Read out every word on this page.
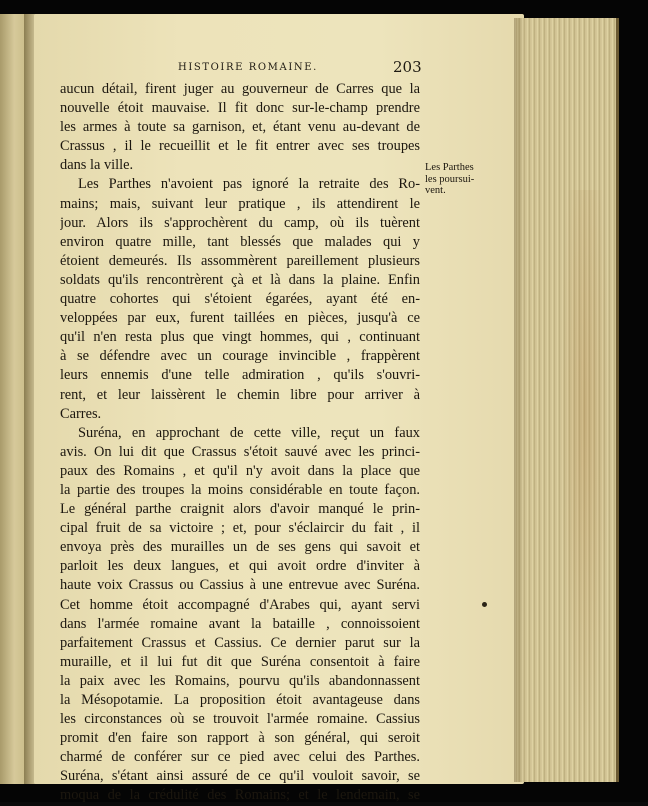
HISTOIRE ROMAINE.	203
Les Parthes
les poursui-
vent.
aucun détail, firent juger au gouverneur de Carres que la
nouvelle étoit mauvaise. Il fit donc sur-le-champ prendre
les armes à toute sa garnison, et, étant venu au-devant de
Crassus , il le recueillit et le fit entrer avec ses troupes
dans la ville.
Les Parthes n'avoient pas ignoré la retraite des Ro-
mains; mais, suivant leur pratique , ils attendirent le
jour. Alors ils s'approchèrent du camp, où ils tuèrent
environ quatre mille, tant blessés que malades qui y
étoient demeurés. Ils assommèrent pareillement plusieurs
soldats qu'ils rencontrèrent çà et là dans la plaine. Enfin
quatre cohortes qui s'étoient égarées, ayant été en-
veloppées par eux, furent taillées en pièces, jusqu'à ce
qu'il n'en resta plus que vingt hommes, qui , continuant
à se défendre avec un courage invincible , frappèrent
leurs ennemis d'une telle admiration , qu'ils s'ouvri-
rent, et leur laissèrent le chemin libre pour arriver à
Carres.
Suréna, en approchant de cette ville, reçut un faux
avis. On lui dit que Crassus s'étoit sauvé avec les princi-
paux des Romains , et qu'il n'y avoit dans la place que
la partie des troupes la moins considérable en toute façon.
Le général parthe craignit alors d'avoir manqué le prin-
cipal fruit de sa victoire ; et, pour s'éclaircir du fait , il
envoya près des murailles un de ses gens qui savoit et
parloit les deux langues, et qui avoit ordre d'inviter à
haute voix Crassus ou Cassius à une entrevue avec Suréna.
Cet homme étoit accompagné d'Arabes qui, ayant servi
dans l'armée romaine avant la bataille , connoissoient
parfaitement Crassus et Cassius. Ce dernier parut sur la
muraille, et il lui fut dit que Suréna consentoit à faire
la paix avec les Romains, pourvu qu'ils abandonnassent
la Mésopotamie. La proposition étoit avantageuse dans
les circonstances où se trouvoit l'armée romaine. Cassius
promit d'en faire son rapport à son général, qui seroit
charmé de conférer sur ce pied avec celui des Parthes.
Suréna, s'étant ainsi assuré de ce qu'il vouloit savoir, se
moqua de la crédulité des Romains; et le lendemain, se
